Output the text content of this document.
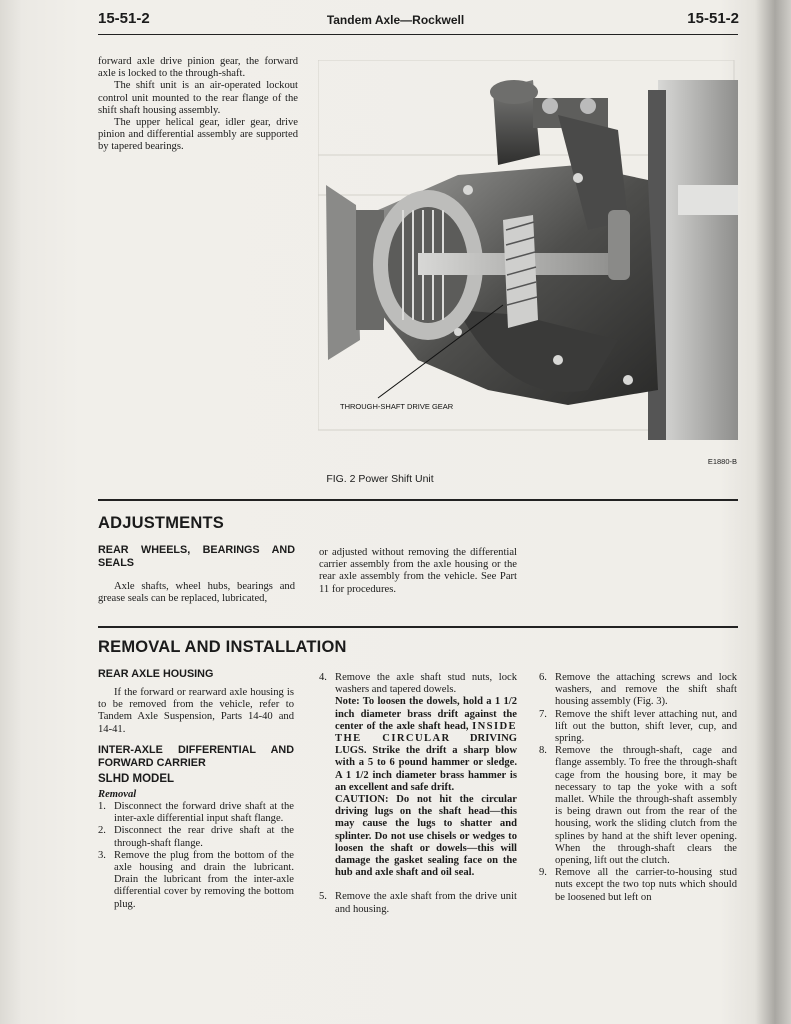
15-51-2	Tandem Axle—Rockwell	15-51-2

forward axle drive pinion gear, the forward axle is locked to the through-shaft.

The shift unit is an air-operated lockout control unit mounted to the rear flange of the shift shaft housing assembly.

The upper helical gear, idler gear, drive pinion and differential assembly are supported by tapered bearings.

THROUGH-SHAFT DRIVE GEAR
E1880-B
FIG. 2 Power Shift Unit
ADJUSTMENTS

REAR WHEELS, BEARINGS AND SEALS

Axle shafts, wheel hubs, bearings and grease seals can be replaced, lubricated,

or adjusted without removing the differential carrier assembly from the axle housing or the rear axle assembly from the vehicle. See Part 11 for procedures.

REMOVAL AND INSTALLATION

REAR AXLE HOUSING

If the forward or rearward axle housing is to be removed from the vehicle, refer to Tandem Axle Suspension, Parts 14-40 and 14-41.

INTER-AXLE DIFFERENTIAL AND FORWARD CARRIER

SLHD MODEL

Removal

1. Disconnect the forward drive shaft at the inter-axle differential input shaft flange.
2. Disconnect the rear drive shaft at the through-shaft flange.
3. Remove the plug from the bottom of the axle housing and drain the lubricant. Drain the lubricant from the inter-axle differential cover by removing the bottom plug.
4. Remove the axle shaft stud nuts, lock washers and tapered dowels.
Note: To loosen the dowels, hold a 1 1/2 inch diameter brass drift against the center of the axle shaft head, INSIDE THE CIRCULAR DRIVING LUGS. Strike the drift a sharp blow with a 5 to 6 pound hammer or sledge. A 1 1/2 inch diameter brass hammer is an excellent and safe drift.
CAUTION: Do not hit the circular driving lugs on the shaft head—this may cause the lugs to shatter and splinter. Do not use chisels or wedges to loosen the shaft or dowels—this will damage the gasket sealing face on the hub and axle shaft and oil seal.
5. Remove the axle shaft from the drive unit and housing.
6. Remove the attaching screws and lock washers, and remove the shift shaft housing assembly (Fig. 3).
7. Remove the shift lever attaching nut, and lift out the button, shift lever, cup, and spring.
8. Remove the through-shaft, cage and flange assembly. To free the through-shaft cage from the housing bore, it may be necessary to tap the yoke with a soft mallet. While the through-shaft assembly is being drawn out from the rear of the housing, work the sliding clutch from the splines by hand at the shift lever opening. When the through-shaft clears the opening, lift out the clutch.
9. Remove all the carrier-to-housing stud nuts except the two top nuts which should be loosened but left on
